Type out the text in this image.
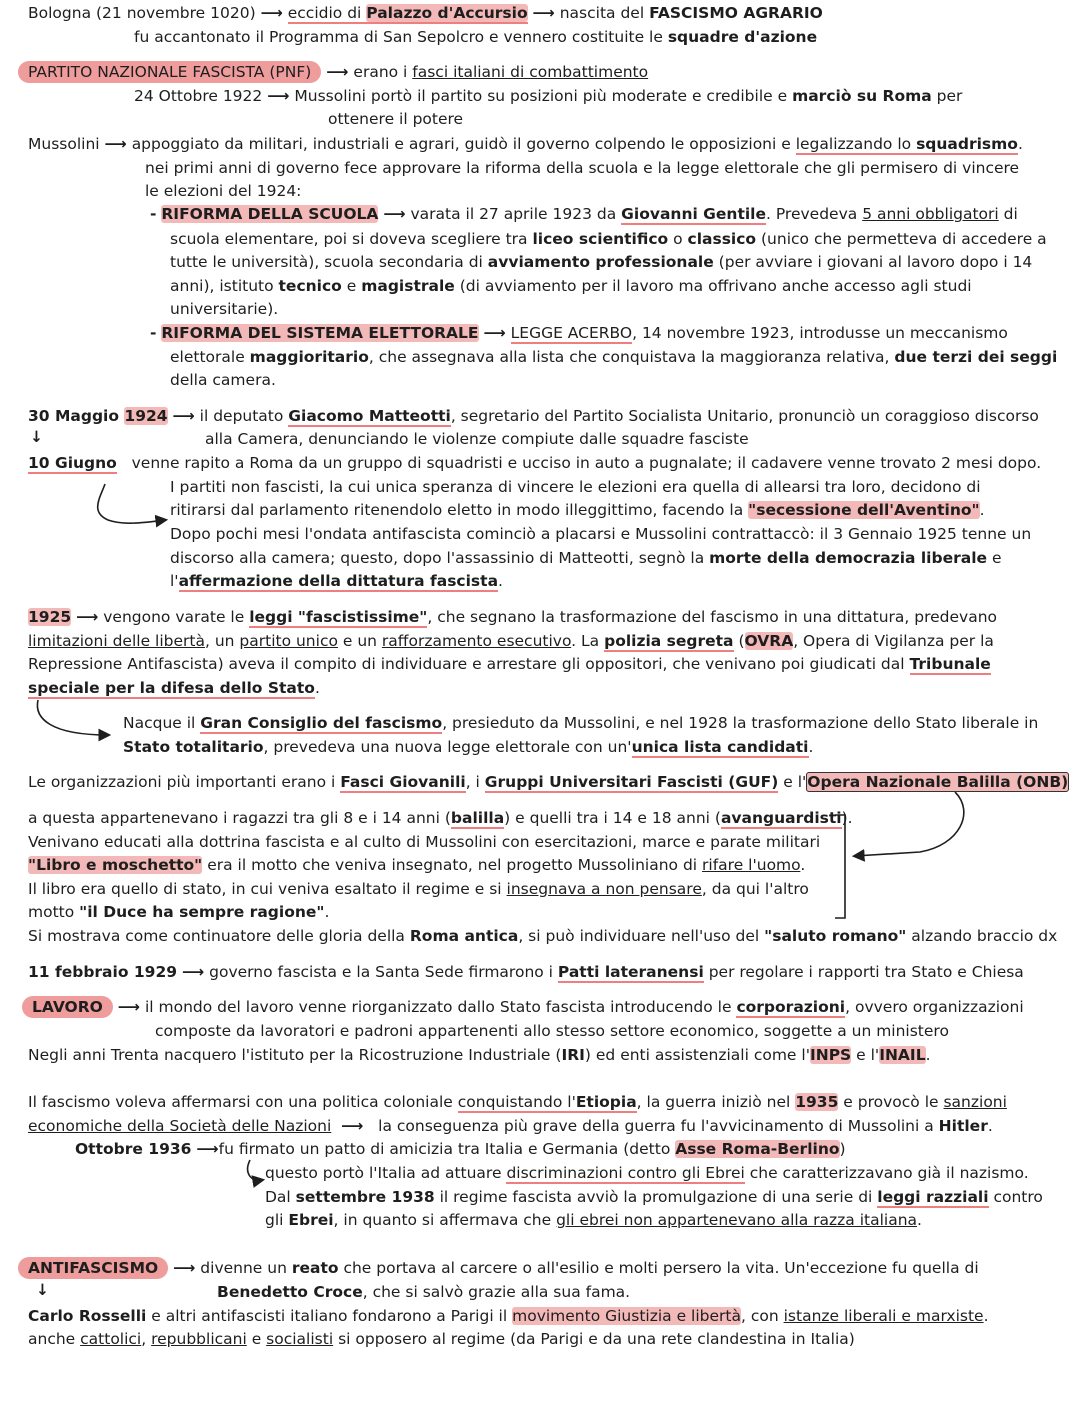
Bologna (21 novembre 1020) ⟶ eccidio di Palazzo d'Accursio ⟶ nascita del FASCISMO AGRARIO
fu accantonato il Programma di San Sepolcro e vennero costituite le squadre d'azione
PARTITO NAZIONALE FASCISTA (PNF) ⟶ erano i fasci italiani di combattimento
24 Ottobre 1922 ⟶ Mussolini portò il partito su posizioni più moderate e credibile e marciò su Roma per
ottenere il potere
Mussolini ⟶ appoggiato da militari, industriali e agrari, guidò il governo colpendo le opposizioni e legalizzando lo squadrismo.
nei primi anni di governo fece approvare la riforma della scuola e la legge elettorale che gli permisero di vincere
le elezioni del 1924:
- RIFORMA DELLA SCUOLA ⟶ varata il 27 aprile 1923 da Giovanni Gentile. Prevedeva 5 anni obbligatori di
scuola elementare, poi si doveva scegliere tra liceo scientifico o classico (unico che permetteva di accedere a
tutte le università), scuola secondaria di avviamento professionale (per avviare i giovani al lavoro dopo i 14
anni), istituto tecnico e magistrale (di avviamento per il lavoro ma offrivano anche accesso agli studi
universitarie).
- RIFORMA DEL SISTEMA ELETTORALE ⟶ LEGGE ACERBO, 14 novembre 1923, introdusse un meccanismo
elettorale maggioritario, che assegnava alla lista che conquistava la maggioranza relativa, due terzi dei seggi
della camera.
30 Maggio 1924 ⟶ il deputato Giacomo Matteotti, segretario del Partito Socialista Unitario, pronunciò un coraggioso discorso
↓	alla Camera, denunciando le violenze compiute dalle squadre fasciste
10 Giugno venne rapito a Roma da un gruppo di squadristi e ucciso in auto a pugnalate; il cadavere venne trovato 2 mesi dopo.
I partiti non fascisti, la cui unica speranza di vincere le elezioni era quella di allearsi tra loro, decidono di
ritirarsi dal parlamento ritenendolo eletto in modo illeggittimo, facendo la "secessione dell'Aventino".
Dopo pochi mesi l'ondata antifascista cominciò a placarsi e Mussolini contrattaccò: il 3 Gennaio 1925 tenne un
discorso alla camera; questo, dopo l'assassinio di Matteotti, segnò la morte della democrazia liberale e
l'affermazione della dittatura fascista.
1925 ⟶ vengono varate le leggi "fascistissime", che segnano la trasformazione del fascismo in una dittatura, predevano
limitazioni delle libertà, un partito unico e un rafforzamento esecutivo. La polizia segreta (OVRA, Opera di Vigilanza per la
Repressione Antifascista) aveva il compito di individuare e arrestare gli oppositori, che venivano poi giudicati dal Tribunale
speciale per la difesa dello Stato.
Nacque il Gran Consiglio del fascismo, presieduto da Mussolini, e nel 1928 la trasformazione dello Stato liberale in
Stato totalitario, prevedeva una nuova legge elettorale con un'unica lista candidati.
Le organizzazioni più importanti erano i Fasci Giovanili, i Gruppi Universitari Fascisti (GUF) e l'Opera Nazionale Balilla (ONB)
a questa appartenevano i ragazzi tra gli 8 e i 14 anni (balilla) e quelli tra i 14 e 18 anni (avanguardisti).
Venivano educati alla dottrina fascista e al culto di Mussolini con esercitazioni, marce e parate militari
"Libro e moschetto" era il motto che veniva insegnato, nel progetto Mussoliniano di rifare l'uomo.
Il libro era quello di stato, in cui veniva esaltato il regime e si insegnava a non pensare, da qui l'altro
motto "il Duce ha sempre ragione".
Si mostrava come continuatore delle gloria della Roma antica, si può individuare nell'uso del "saluto romano" alzando braccio dx
11 febbraio 1929 ⟶ governo fascista e la Santa Sede firmarono i Patti lateranensi per regolare i rapporti tra Stato e Chiesa
LAVORO ⟶ il mondo del lavoro venne riorganizzato dallo Stato fascista introducendo le corporazioni, ovvero organizzazioni
composte da lavoratori e padroni appartenenti allo stesso settore economico, soggette a un ministero
Negli anni Trenta nacquero l'istituto per la Ricostruzione Industriale (IRI) ed enti assistenziali come l'INPS e l'INAIL.
Il fascismo voleva affermarsi con una politica coloniale conquistando l'Etiopia, la guerra iniziò nel 1935 e provocò le sanzioni
economiche della Società delle Nazioni ⟶ la conseguenza più grave della guerra fu l'avvicinamento di Mussolini a Hitler.
Ottobre 1936 ⟶fu firmato un patto di amicizia tra Italia e Germania (detto Asse Roma-Berlino)
questo portò l'Italia ad attuare discriminazioni contro gli Ebrei che caratterizzavano già il nazismo.
Dal settembre 1938 il regime fascista avviò la promulgazione di una serie di leggi razziali contro
gli Ebrei, in quanto si affermava che gli ebrei non appartenevano alla razza italiana.
ANTIFASCISMO ⟶ divenne un reato che portava al carcere o all'esilio e molti persero la vita. Un'eccezione fu quella di
↓	Benedetto Croce, che si salvò grazie alla sua fama.
Carlo Rosselli e altri antifascisti italiano fondarono a Parigi il movimento Giustizia e libertà, con istanze liberali e marxiste.
anche cattolici, repubblicani e socialisti si opposero al regime (da Parigi e da una rete clandestina in Italia)
